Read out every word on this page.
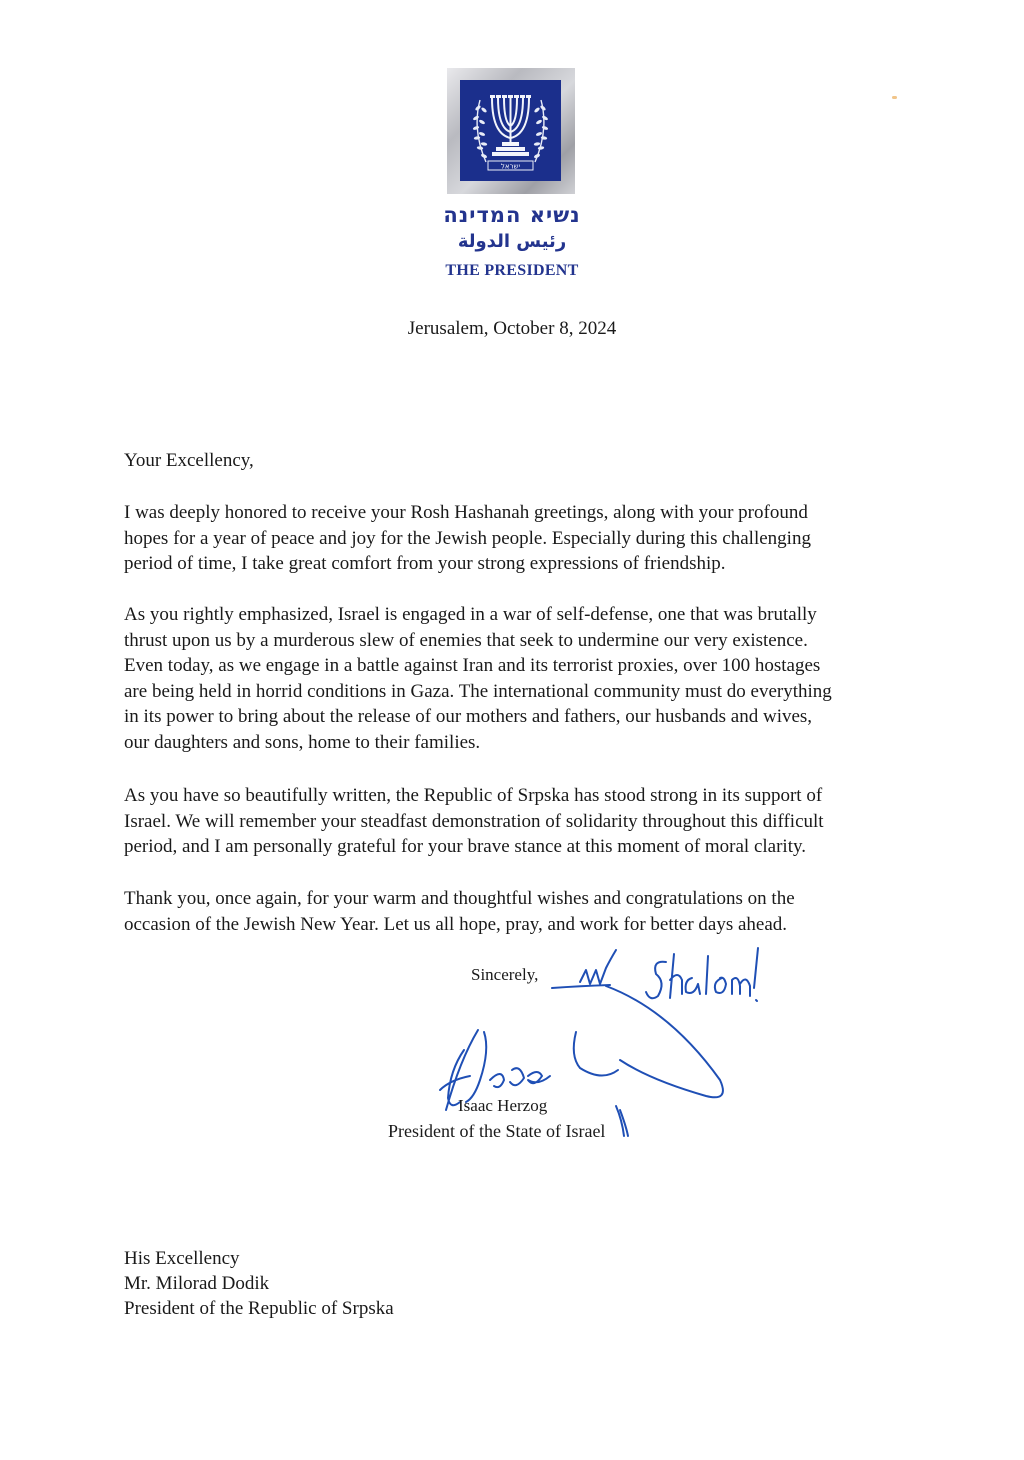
ישראל
נשיא המדינה
رئيس الدولة
THE PRESIDENT
Jerusalem, October 8, 2024
Your Excellency,
I was deeply honored to receive your Rosh Hashanah greetings, along with your profound
hopes for a year of peace and joy for the Jewish people. Especially during this challenging
period of time, I take great comfort from your strong expressions of friendship.
As you rightly emphasized, Israel is engaged in a war of self-defense, one that was brutally
thrust upon us by a murderous slew of enemies that seek to undermine our very existence.
Even today, as we engage in a battle against Iran and its terrorist proxies, over 100 hostages
are being held in horrid conditions in Gaza. The international community must do everything
in its power to bring about the release of our mothers and fathers, our husbands and wives,
our daughters and sons, home to their families.
As you have so beautifully written, the Republic of Srpska has stood strong in its support of
Israel. We will remember your steadfast demonstration of solidarity throughout this difficult
period, and I am personally grateful for your brave stance at this moment of moral clarity.
Thank you, once again, for your warm and thoughtful wishes and congratulations on the
occasion of the Jewish New Year. Let us all hope, pray, and work for better days ahead.
Sincerely,
Isaac Herzog
President of the State of Israel
His Excellency
Mr. Milorad Dodik
President of the Republic of Srpska
